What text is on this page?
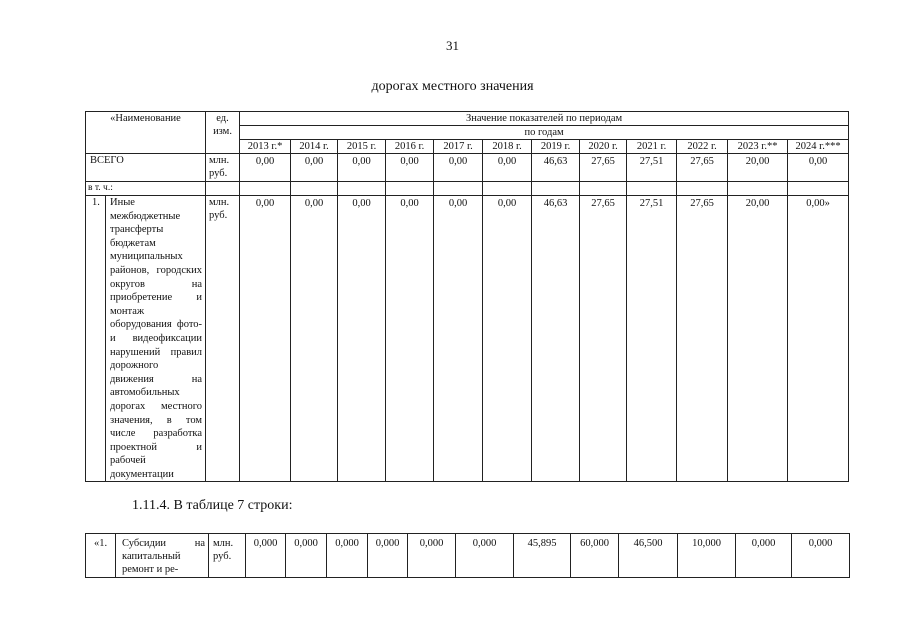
31
дорогах местного значения
«Наименование		ед. изм.	Значение показателей по периодам											
			по годам											
			2013 г.*	2014 г.	2015 г.	2016 г.	2017 г.	2018 г.	2019 г.	2020 г.	2021 г.	2022 г.	2023 г.**	2024 г.***
ВСЕГО		млн. руб.	0,00	0,00	0,00	0,00	0,00	0,00	46,63	27,65	27,51	27,65	20,00	0,00
в т. ч.:														
1.	Иные межбюджетные трансферты бюджетам муниципальных районов, городских округов на приобретение и монтаж оборудования фото- и видеофиксации нарушений правил дорожного движения на автомобильных дорогах местного значения, в том числе разработка проектной и рабочей документации	млн. руб.	0,00	0,00	0,00	0,00	0,00	0,00	46,63	27,65	27,51	27,65	20,00	0,00»
1.11.4. В таблице 7 строки:
«1.	Субсидии на капитальный ремонт и ре-	млн. руб.	0,000	0,000	0,000	0,000	0,000	0,000	45,895	60,000	46,500	10,000	0,000	0,000
